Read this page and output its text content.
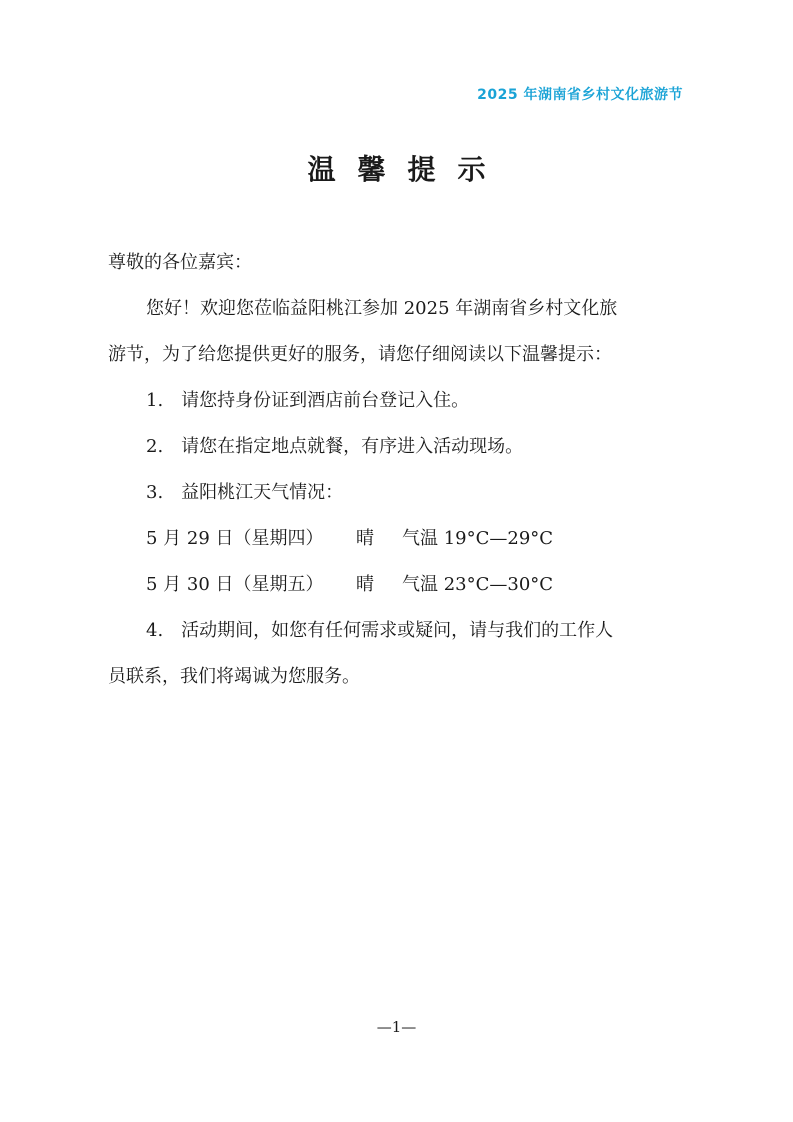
2025 年湖南省乡村文化旅游节
温馨提示

尊敬的各位嘉宾：

您好！欢迎您莅临益阳桃江参加 2025 年湖南省乡村文化旅

游节，为了给您提供更好的服务，请您仔细阅读以下温馨提示：

1.　请您持身份证到酒店前台登记入住。

2.　请您在指定地点就餐，有序进入活动现场。

3.　益阳桃江天气情况：

5 月 29 日（星期四）	晴	气温 19°C—29°C

5 月 30 日（星期五）	晴	气温 23°C—30°C

4.　活动期间，如您有任何需求或疑问，请与我们的工作人

员联系，我们将竭诚为您服务。

—1—
